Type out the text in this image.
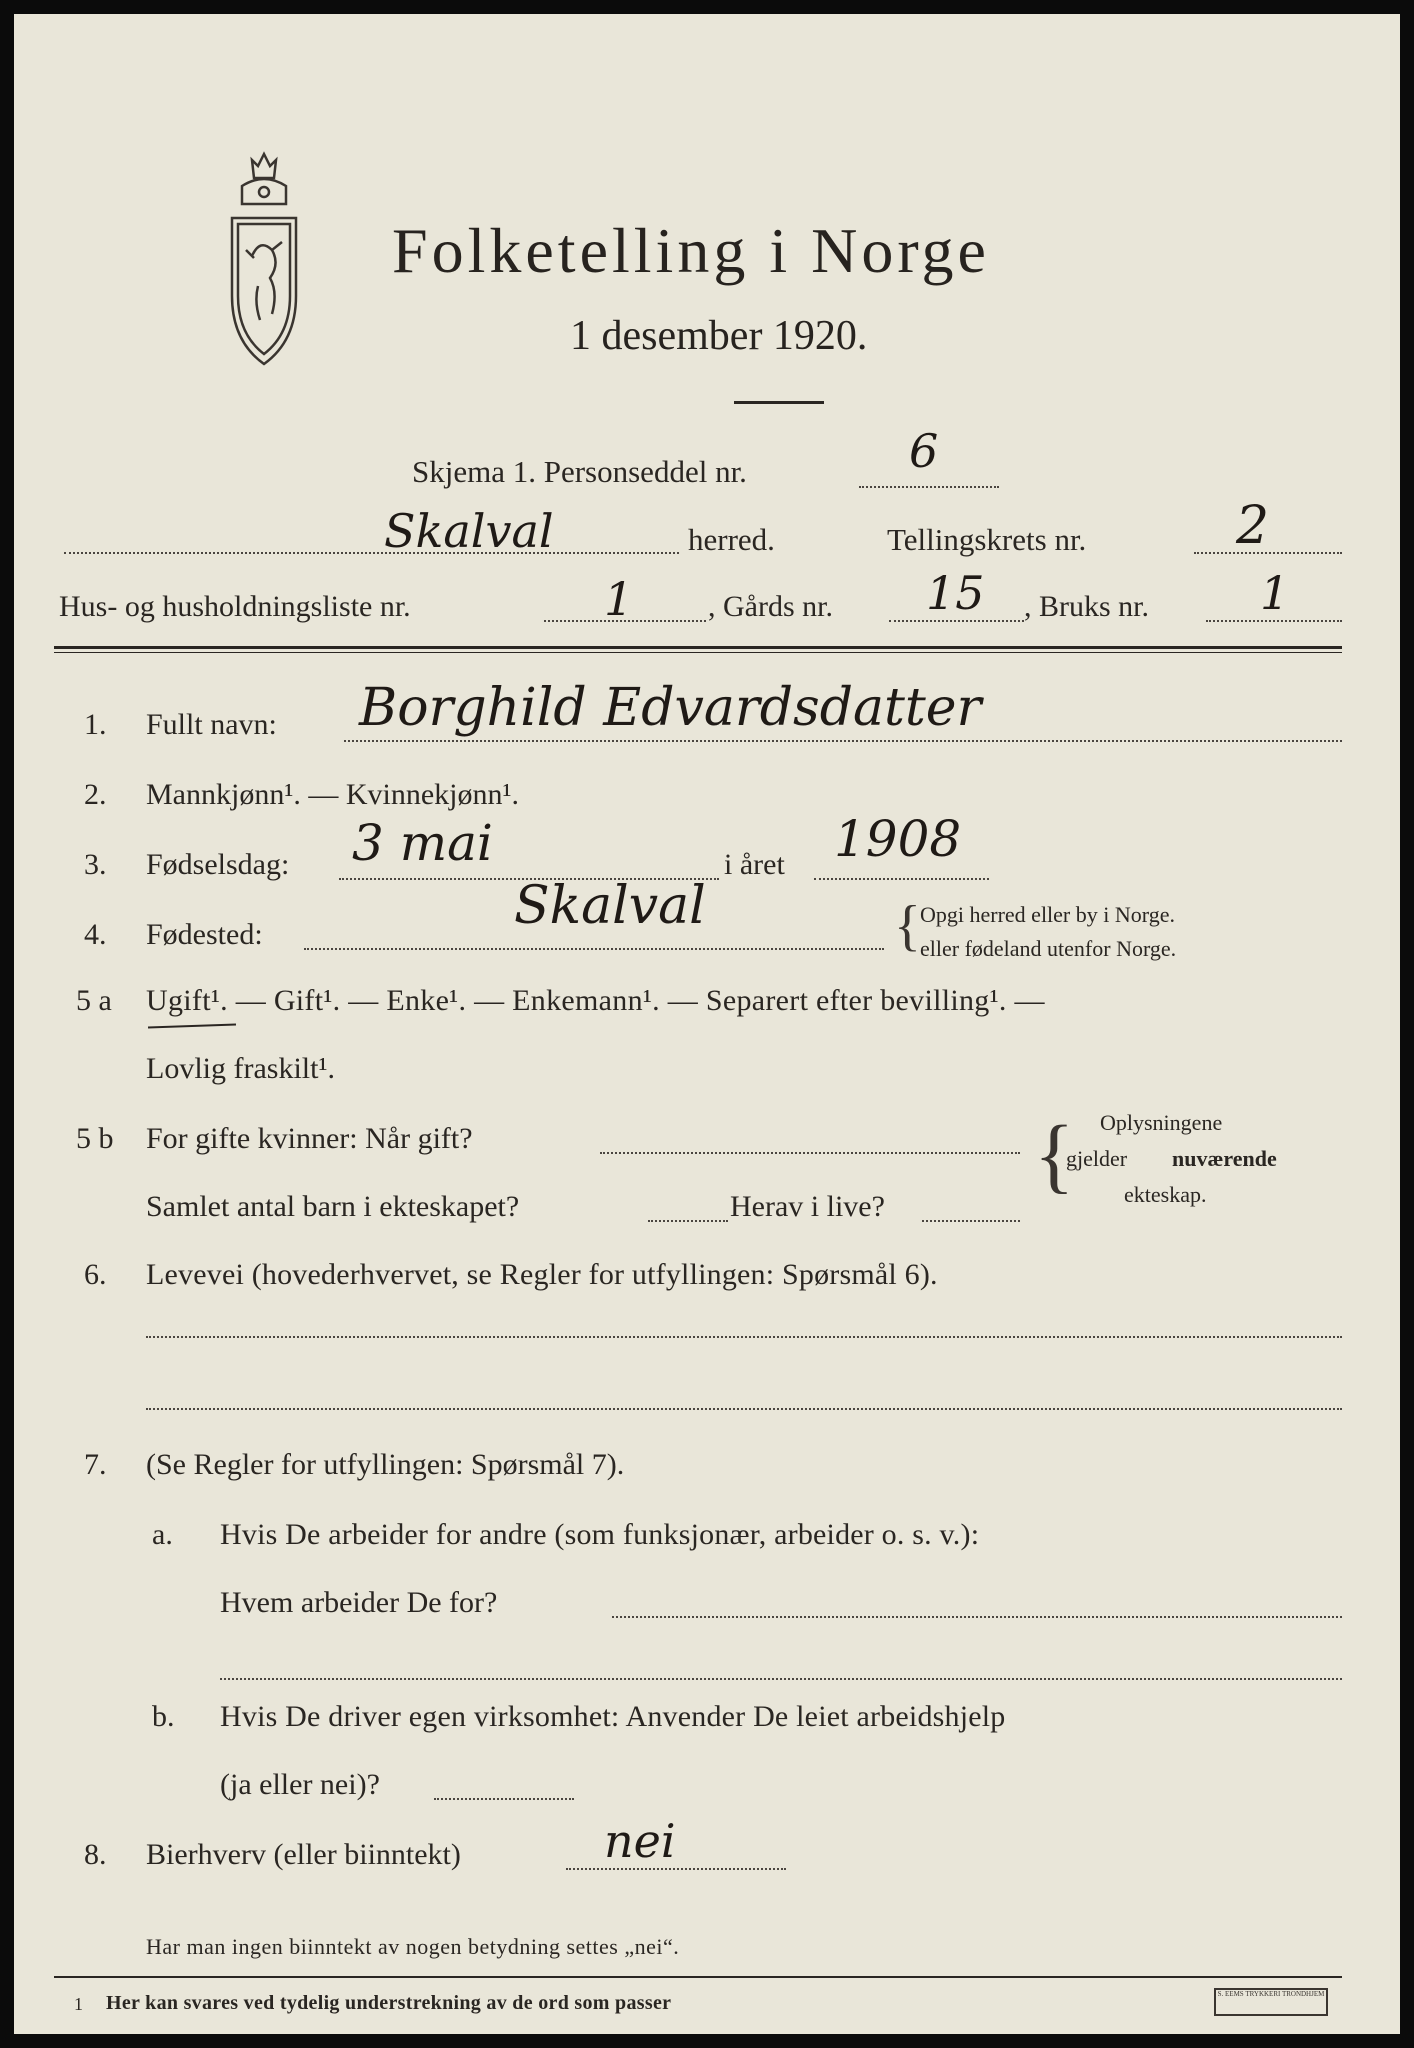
Folketelling i Norge
1 desember 1920.
Skjema 1. Personseddel nr.	6
Skalval	herred.	Tellingskrets nr.	2
Hus- og husholdningsliste nr.	1 , Gårds nr. 15 , Bruks nr. 1
1. Fullt navn: Borghild Edvardsdatter
2. Mannkjønn¹. — Kvinnekjønn¹.
3. Fødselsdag: 3 mai	i året 1908
4. Fødested:	Skalval	{ Opgi herred eller by i Norge.
eller fødeland utenfor Norge.
5 a Ugift¹. — Gift¹. — Enke¹. — Enkemann¹. — Separert efter bevilling¹. —
Lovlig fraskilt¹.
5 b For gifte kvinner: Når gift?
Samlet antal barn i ekteskapet?	Herav i live?
{ Oplysningene
gjelder nuværende
ekteskap.
6. Levevei (hovederhvervet, se Regler for utfyllingen: Spørsmål 6).
7. (Se Regler for utfyllingen: Spørsmål 7).
a. Hvis De arbeider for andre (som funksjonær, arbeider o. s. v.):
Hvem arbeider De for?
b. Hvis De driver egen virksomhet: Anvender De leiet arbeidshjelp
(ja eller nei)?
8. Bierhverv (eller biinntekt)	nei
Har man ingen biinntekt av nogen betydning settes „nei“.
1 Her kan svares ved tydelig understrekning av de ord som passer	S. EEMS TRYKKERI TRONDHJEM
